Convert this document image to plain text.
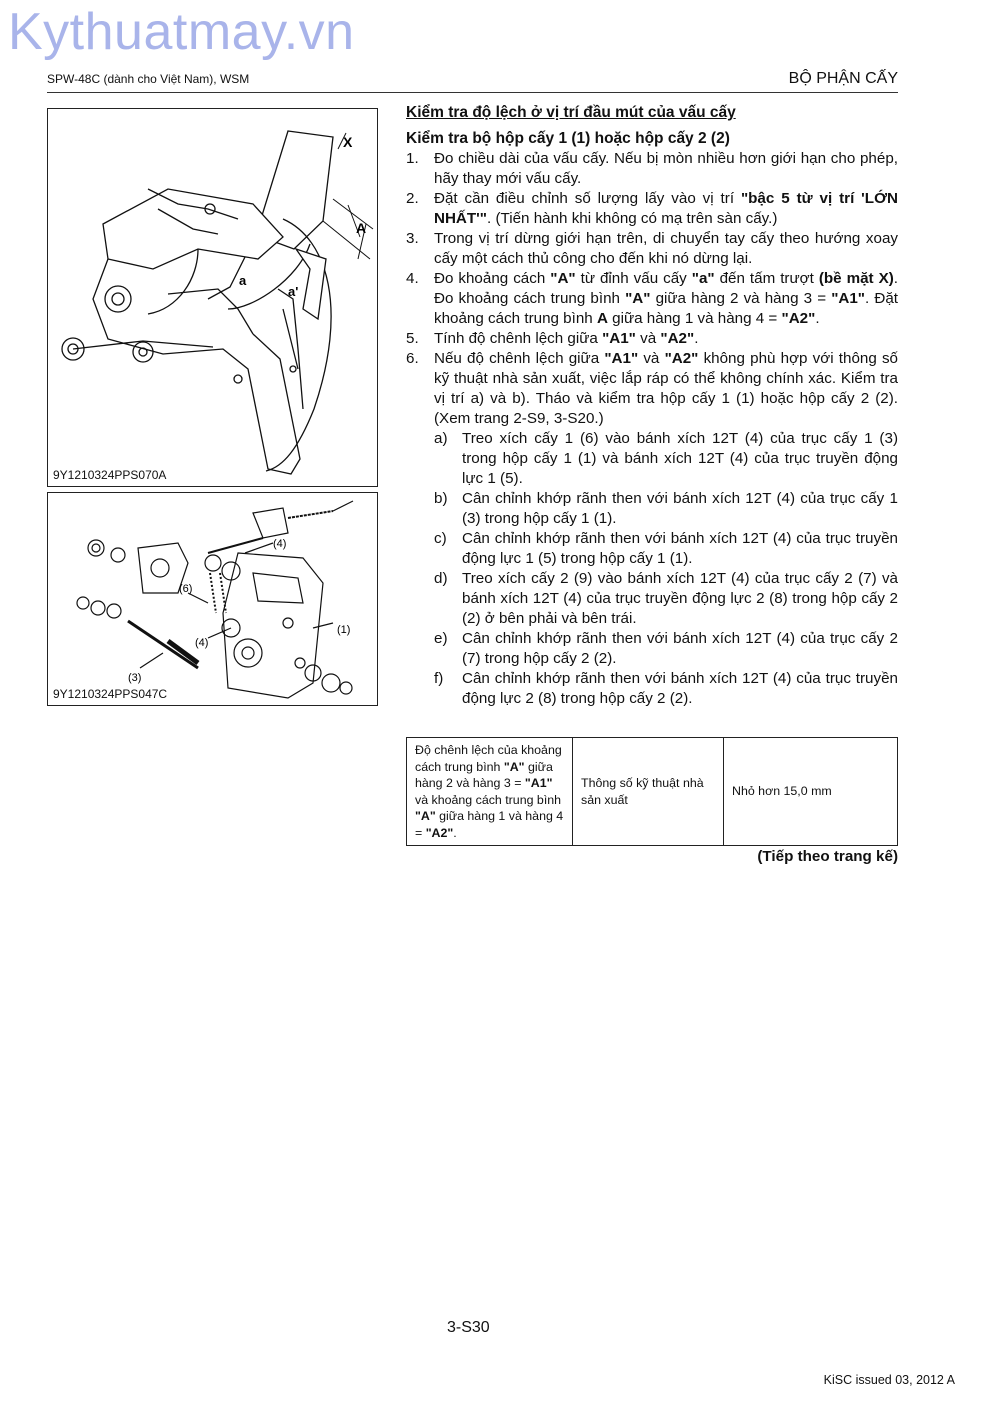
Kythuatmay.vn
SPW-48C (dành cho Việt Nam), WSM	BỘ PHẬN CẤY
X
A
a
a'
9Y1210324PPS070A
(4)
(6)
(4)
(1)
(3)
9Y1210324PPS047C
Kiểm tra độ lệch ở vị trí đầu mút của vấu cấy
Kiểm tra bộ hộp cấy 1 (1) hoặc hộp cấy 2 (2)
1.	Đo chiều dài của vấu cấy. Nếu bị mòn nhiều hơn giới hạn cho phép, hãy thay mới vấu cấy.
2.	Đặt cần điều chỉnh số lượng lấy vào vị trí "bậc 5 từ vị trí 'LỚN NHẤT'". (Tiến hành khi không có mạ trên sàn cấy.)
3.	Trong vị trí dừng giới hạn trên, di chuyển tay cấy theo hướng xoay cấy một cách thủ công cho đến khi nó dừng lại.
4.	Đo khoảng cách "A" từ đỉnh vấu cấy "a" đến tấm trượt (bề mặt X). Đo khoảng cách trung bình "A" giữa hàng 2 và hàng 3 = "A1". Đặt khoảng cách trung bình A giữa hàng 1 và hàng 4 = "A2".
5.	Tính độ chênh lệch giữa "A1" và "A2".
6.	Nếu độ chênh lệch giữa "A1" và "A2" không phù hợp với thông số kỹ thuật nhà sản xuất, việc lắp ráp có thể không chính xác. Kiểm tra vị trí a) và b). Tháo và kiểm tra hộp cấy 1 (1) hoặc hộp cấy 2 (2). (Xem trang 2-S9, 3-S20.)
a) Treo xích cấy 1 (6) vào bánh xích 12T (4) của trục cấy 1 (3) trong hộp cấy 1 (1) và bánh xích 12T (4) của trục truyền động lực 1 (5).
b) Cân chỉnh khớp rãnh then với bánh xích 12T (4) của trục cấy 1 (3) trong hộp cấy 1 (1).
c)	Cân chỉnh khớp rãnh then với bánh xích 12T (4) của trục truyền động lực 1 (5) trong hộp cấy 1 (1).
d) Treo xích cấy 2 (9) vào bánh xích 12T (4) của trục cấy 2 (7) và bánh xích 12T (4) của trục truyền động lực 2 (8) trong hộp cấy 2 (2) ở bên phải và bên trái.
e) Cân chỉnh khớp rãnh then với bánh xích 12T (4) của trục cấy 2 (7) trong hộp cấy 2 (2).
f)	Cân chỉnh khớp rãnh then với bánh xích 12T (4) của trục truyền động lực 2 (8) trong hộp cấy 2 (2).
Độ chênh lệch của khoảng cách trung bình "A" giữa hàng 2 và hàng 3 = "A1" và khoảng cách trung bình "A" giữa hàng 1 và hàng 4 = "A2".	Thông số kỹ thuật nhà sản xuất	Nhỏ hơn 15,0 mm
(Tiếp theo trang kế)
3-S30
KiSC issued 03, 2012 A
